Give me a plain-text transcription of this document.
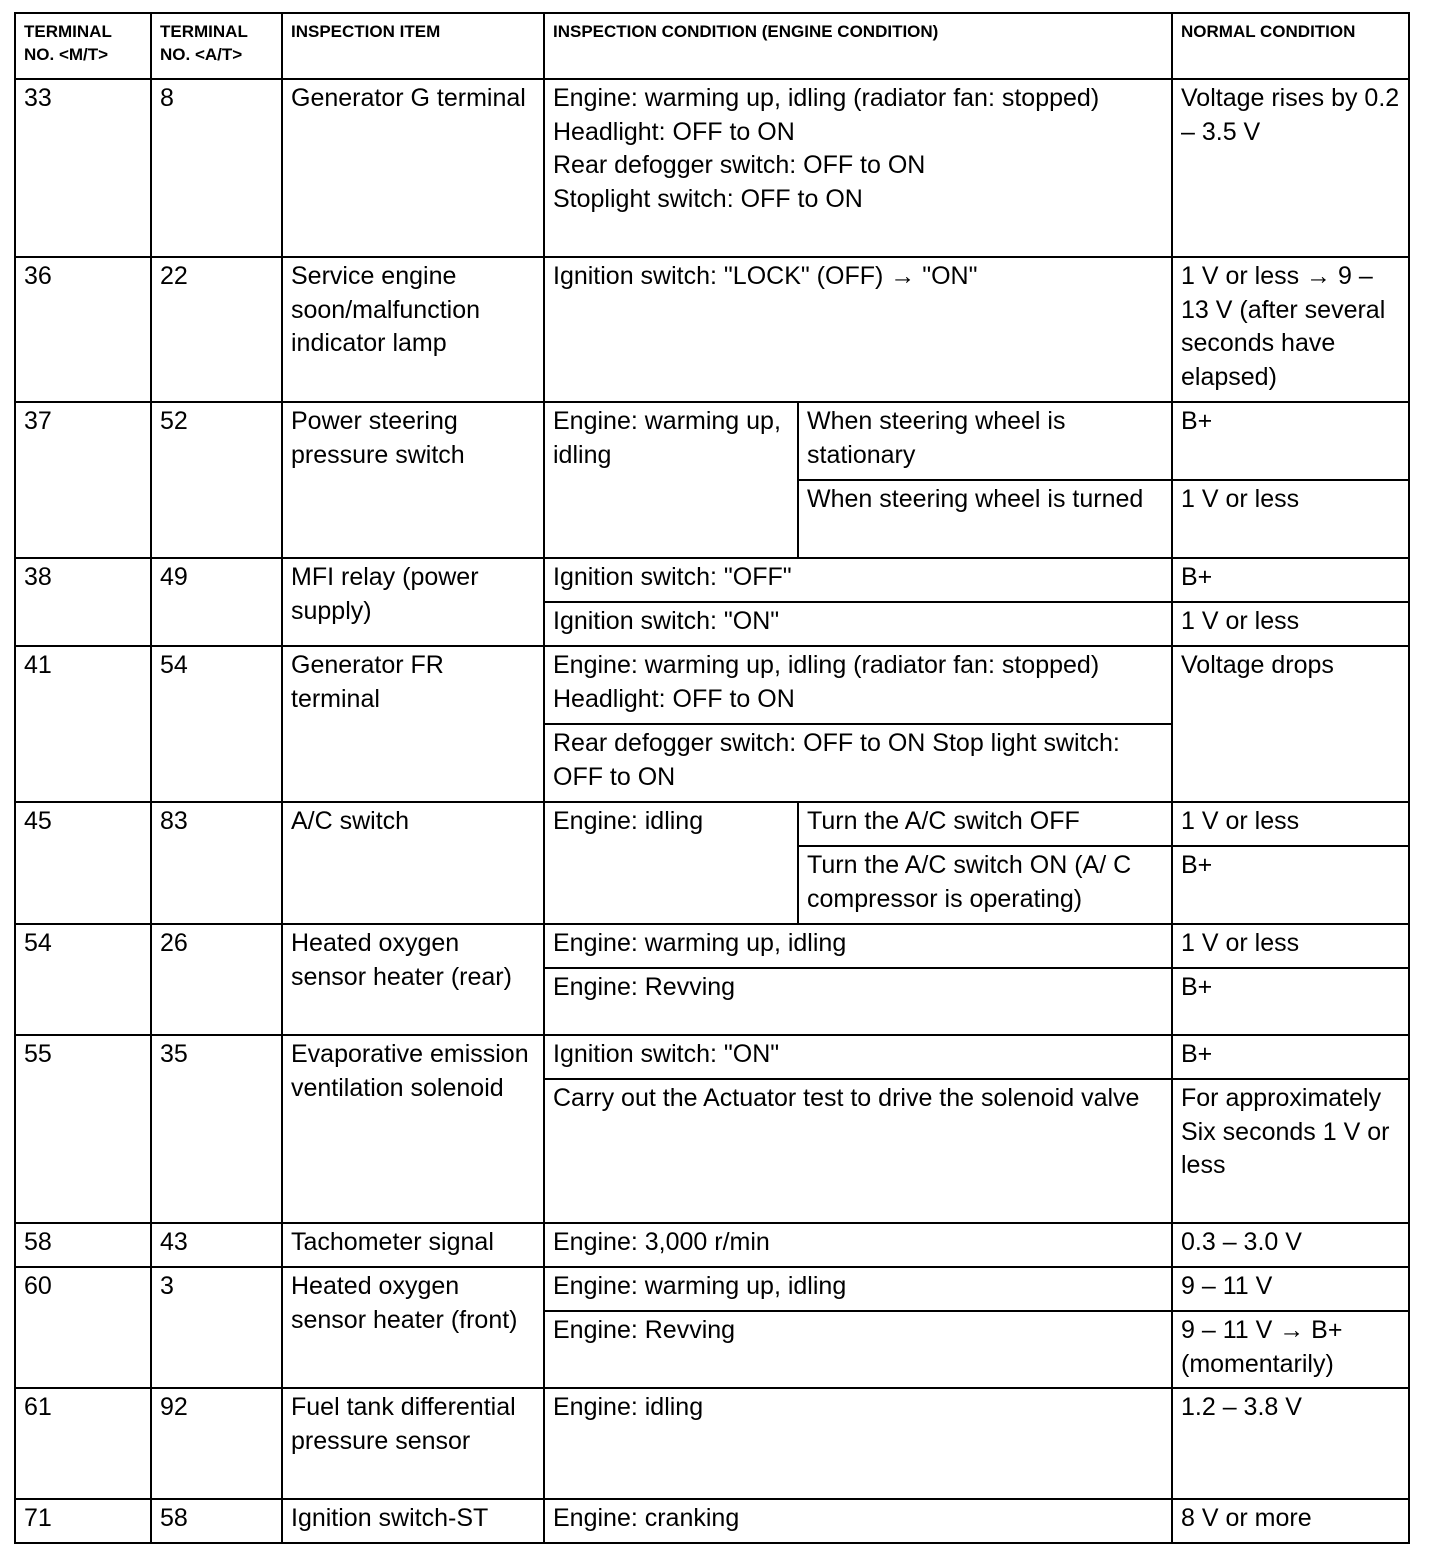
TERMINAL NO. <M/T>	TERMINAL NO. <A/T>	INSPECTION ITEM	INSPECTION CONDITION (ENGINE CONDITION)		NORMAL CONDITION
33	8	Generator G terminal	Engine: warming up, idling (radiator fan: stopped)
Headlight: OFF to ON
Rear defogger switch: OFF to ON
Stoplight switch: OFF to ON		Voltage rises by 0.2 – 3.5 V
36	22	Service engine soon/malfunction indicator lamp	Ignition switch: "LOCK" (OFF) → "ON"		1 V or less → 9 – 13 V (after several seconds have elapsed)
37	52	Power steering pressure switch	Engine: warming up, idling	When steering wheel is stationary	B+
				When steering wheel is turned	1 V or less
38	49	MFI relay (power supply)	Ignition switch: "OFF"		B+
			Ignition switch: "ON"		1 V or less
41	54	Generator FR terminal	Engine: warming up, idling (radiator fan: stopped) Headlight: OFF to ON		Voltage drops
			Rear defogger switch: OFF to ON Stop light switch: OFF to ON		
45	83	A/C switch	Engine: idling	Turn the A/C switch OFF	1 V or less
				Turn the A/C switch ON (A/ C compressor is operating)	B+
54	26	Heated oxygen sensor heater (rear)	Engine: warming up, idling		1 V or less
			Engine: Revving		B+
55	35	Evaporative emission ventilation solenoid	Ignition switch: "ON"		B+
			Carry out the Actuator test to drive the solenoid valve		For approximately Six seconds 1 V or less
58	43	Tachometer signal	Engine: 3,000 r/min		0.3 – 3.0 V
60	3	Heated oxygen sensor heater (front)	Engine: warming up, idling		9 – 11 V
			Engine: Revving		9 – 11 V → B+ (momentarily)
61	92	Fuel tank differential pressure sensor	Engine: idling		1.2 – 3.8 V
71	58	Ignition switch-ST	Engine: cranking		8 V or more
